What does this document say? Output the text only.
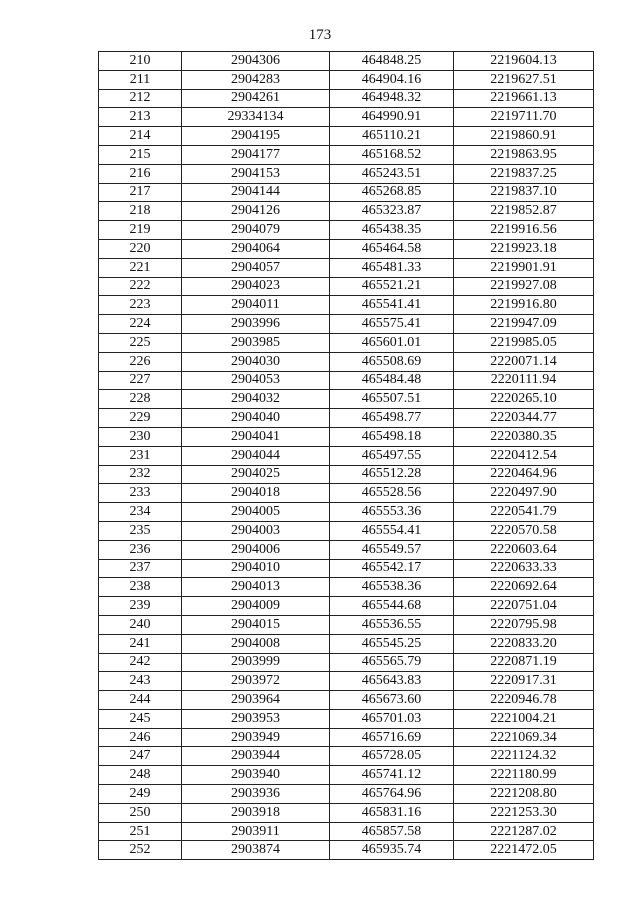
173
210	2904306	464848.25	2219604.13
211	2904283	464904.16	2219627.51
212	2904261	464948.32	2219661.13
213	29334134	464990.91	2219711.70
214	2904195	465110.21	2219860.91
215	2904177	465168.52	2219863.95
216	2904153	465243.51	2219837.25
217	2904144	465268.85	2219837.10
218	2904126	465323.87	2219852.87
219	2904079	465438.35	2219916.56
220	2904064	465464.58	2219923.18
221	2904057	465481.33	2219901.91
222	2904023	465521.21	2219927.08
223	2904011	465541.41	2219916.80
224	2903996	465575.41	2219947.09
225	2903985	465601.01	2219985.05
226	2904030	465508.69	2220071.14
227	2904053	465484.48	2220111.94
228	2904032	465507.51	2220265.10
229	2904040	465498.77	2220344.77
230	2904041	465498.18	2220380.35
231	2904044	465497.55	2220412.54
232	2904025	465512.28	2220464.96
233	2904018	465528.56	2220497.90
234	2904005	465553.36	2220541.79
235	2904003	465554.41	2220570.58
236	2904006	465549.57	2220603.64
237	2904010	465542.17	2220633.33
238	2904013	465538.36	2220692.64
239	2904009	465544.68	2220751.04
240	2904015	465536.55	2220795.98
241	2904008	465545.25	2220833.20
242	2903999	465565.79	2220871.19
243	2903972	465643.83	2220917.31
244	2903964	465673.60	2220946.78
245	2903953	465701.03	2221004.21
246	2903949	465716.69	2221069.34
247	2903944	465728.05	2221124.32
248	2903940	465741.12	2221180.99
249	2903936	465764.96	2221208.80
250	2903918	465831.16	2221253.30
251	2903911	465857.58	2221287.02
252	2903874	465935.74	2221472.05
